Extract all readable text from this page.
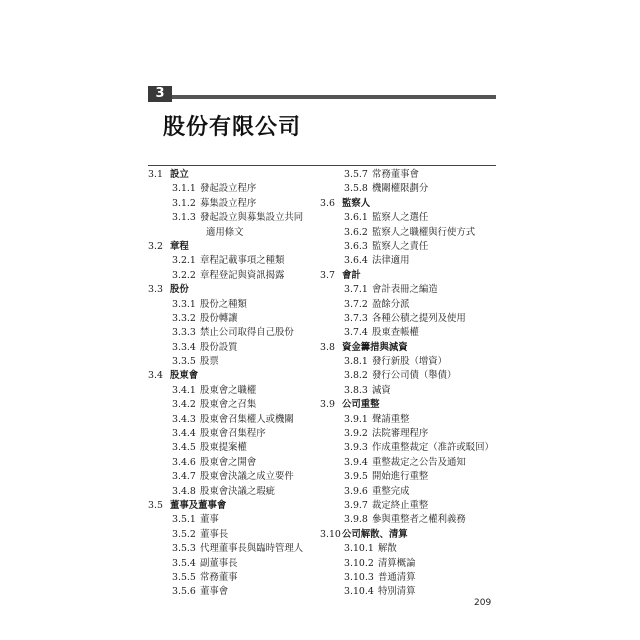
3
股份有限公司
3.1 設立
3.1.1 發起設立程序
3.1.2 募集設立程序
3.1.3 發起設立與募集設立共同
適用條文
3.2 章程
3.2.1 章程記載事項之種類
3.2.2 章程登記與資訊揭露
3.3 股份
3.3.1 股份之種類
3.3.2 股份轉讓
3.3.3 禁止公司取得自己股份
3.3.4 股份設質
3.3.5 股票
3.4 股東會
3.4.1 股東會之職權
3.4.2 股東會之召集
3.4.3 股東會召集權人或機關
3.4.4 股東會召集程序
3.4.5 股東提案權
3.4.6 股東會之開會
3.4.7 股東會決議之成立要件
3.4.8 股東會決議之瑕疵
3.5 董事及董事會
3.5.1 董事
3.5.2 董事長
3.5.3 代理董事長與臨時管理人
3.5.4 副董事長
3.5.5 常務董事
3.5.6 董事會
3.5.7 常務董事會
3.5.8 機關權限劃分
3.6 監察人
3.6.1 監察人之選任
3.6.2 監察人之職權與行使方式
3.6.3 監察人之責任
3.6.4 法律適用
3.7 會計
3.7.1 會計表冊之編造
3.7.2 盈餘分派
3.7.3 各種公積之提列及使用
3.7.4 股東查帳權
3.8 資金籌措與減資
3.8.1 發行新股（增資）
3.8.2 發行公司債（舉債）
3.8.3 減資
3.9 公司重整
3.9.1 聲請重整
3.9.2 法院審理程序
3.9.3 作成重整裁定（准許或駁回）
3.9.4 重整裁定之公告及通知
3.9.5 開始進行重整
3.9.6 重整完成
3.9.7 裁定終止重整
3.9.8 參與重整者之權利義務
3.10公司解散、清算
3.10.1 解散
3.10.2 清算概論
3.10.3 普通清算
3.10.4 特別清算
209
